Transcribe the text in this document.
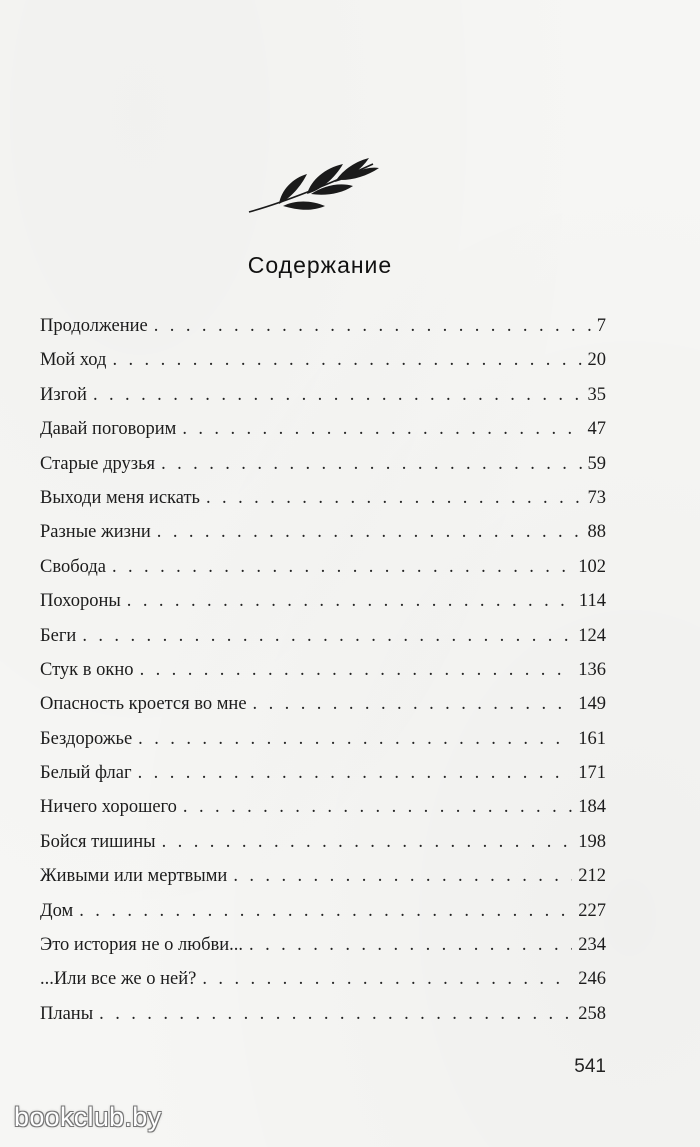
Содержание
Продолжение . . .	7
Мой ход . . .	20
Изгой . . .	35
Давай поговорим . . .	47
Старые друзья . . .	59
Выходи меня искать . . .	73
Разные жизни . . .	88
Свобода . . .	102
Похороны . . .	114
Беги . . .	124
Стук в окно . . .	136
Опасность кроется во мне . . .	149
Бездорожье . . .	161
Белый флаг . . .	171
Ничего хорошего . . .	184
Бойся тишины . . .	198
Живыми или мертвыми . . .	212
Дом . . .	227
Это история не о любви... . . .	234
...Или все же о ней? . . .	246
Планы . . .	258
541
bookclub.by
